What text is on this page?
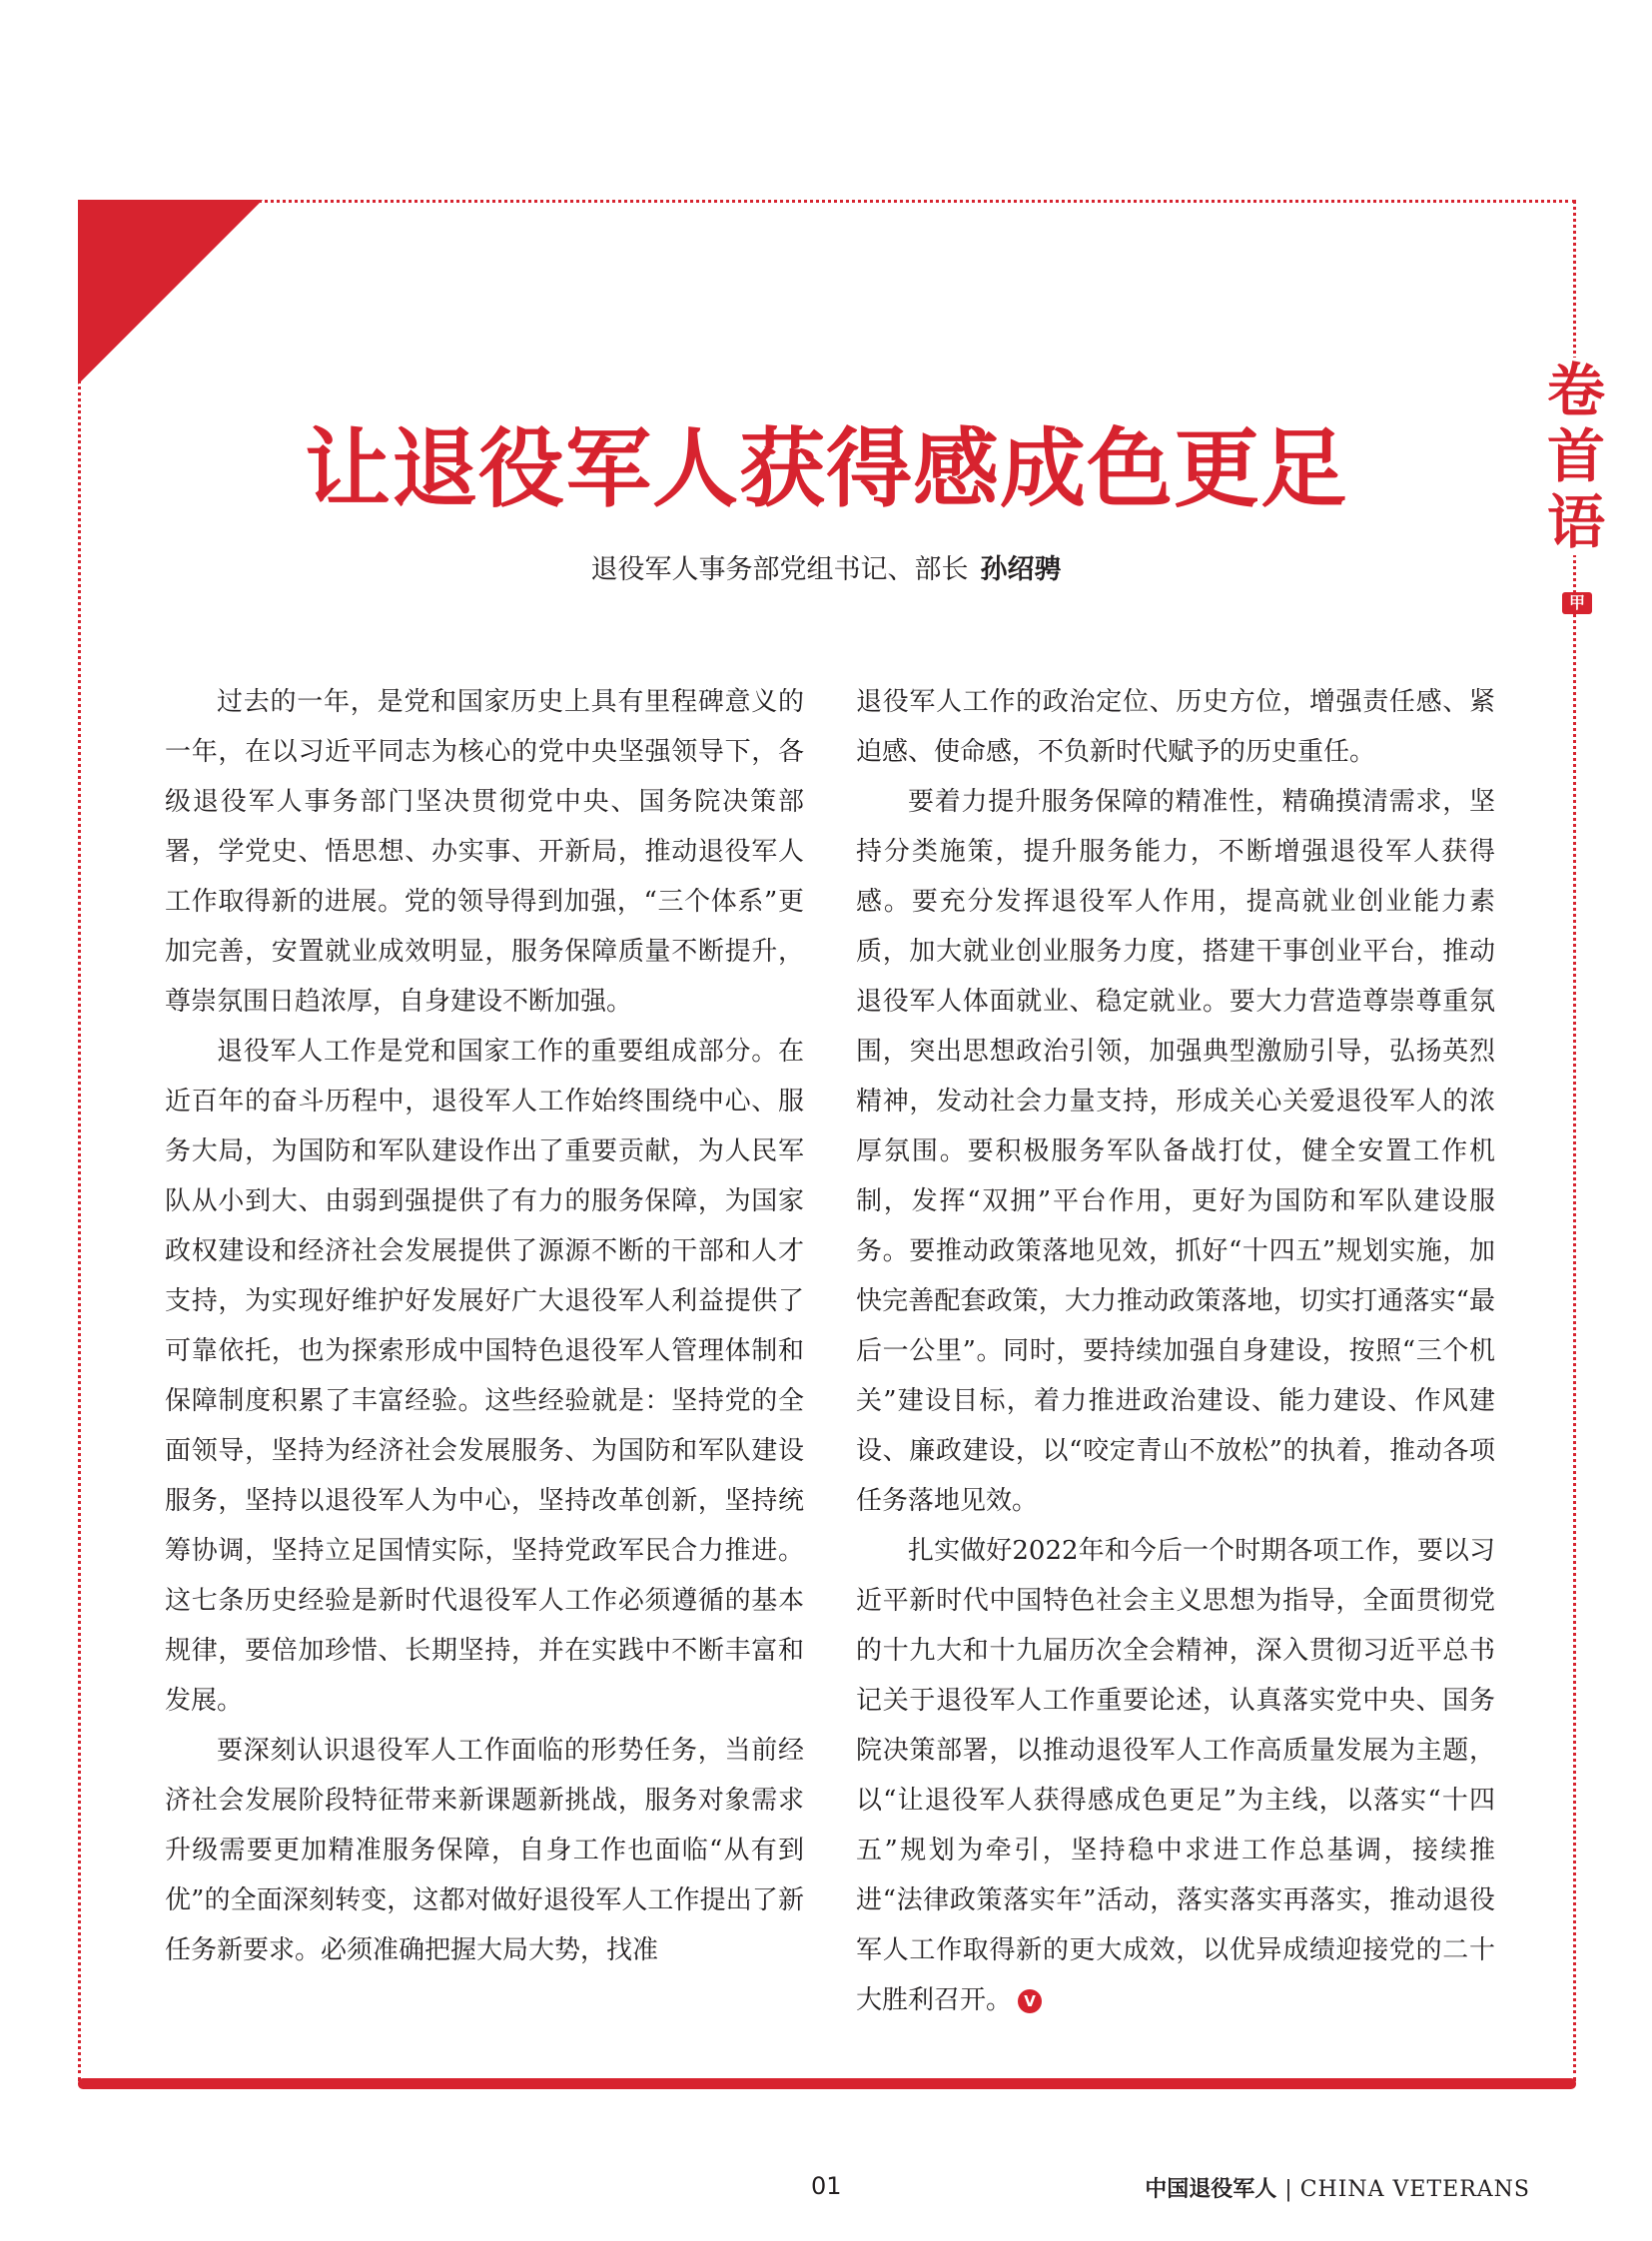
卷
首
语
甲
让退役军人获得感成色更足
退役军人事务部党组书记、部长 孙绍骋

过去的一年，是党和国家历史上具有里程碑意义的一年，在以习近平同志为核心的党中央坚强领导下，各级退役军人事务部门坚决贯彻党中央、国务院决策部署，学党史、悟思想、办实事、开新局，推动退役军人工作取得新的进展。党的领导得到加强，“三个体系”更加完善，安置就业成效明显，服务保障质量不断提升，尊崇氛围日趋浓厚，自身建设不断加强。

退役军人工作是党和国家工作的重要组成部分。在近百年的奋斗历程中，退役军人工作始终围绕中心、服务大局，为国防和军队建设作出了重要贡献，为人民军队从小到大、由弱到强提供了有力的服务保障，为国家政权建设和经济社会发展提供了源源不断的干部和人才支持，为实现好维护好发展好广大退役军人利益提供了可靠依托，也为探索形成中国特色退役军人管理体制和保障制度积累了丰富经验。这些经验就是：坚持党的全面领导，坚持为经济社会发展服务、为国防和军队建设服务，坚持以退役军人为中心，坚持改革创新，坚持统筹协调，坚持立足国情实际，坚持党政军民合力推进。这七条历史经验是新时代退役军人工作必须遵循的基本规律，要倍加珍惜、长期坚持，并在实践中不断丰富和发展。

要深刻认识退役军人工作面临的形势任务，当前经济社会发展阶段特征带来新课题新挑战，服务对象需求升级需要更加精准服务保障，自身工作也面临“从有到优”的全面深刻转变，这都对做好退役军人工作提出了新任务新要求。必须准确把握大局大势，找准

退役军人工作的政治定位、历史方位，增强责任感、紧迫感、使命感，不负新时代赋予的历史重任。

要着力提升服务保障的精准性，精确摸清需求，坚持分类施策，提升服务能力，不断增强退役军人获得感。要充分发挥退役军人作用，提高就业创业能力素质，加大就业创业服务力度，搭建干事创业平台，推动退役军人体面就业、稳定就业。要大力营造尊崇尊重氛围，突出思想政治引领，加强典型激励引导，弘扬英烈精神，发动社会力量支持，形成关心关爱退役军人的浓厚氛围。要积极服务军队备战打仗，健全安置工作机制，发挥“双拥”平台作用，更好为国防和军队建设服务。要推动政策落地见效，抓好“十四五”规划实施，加快完善配套政策，大力推动政策落地，切实打通落实“最后一公里”。同时，要持续加强自身建设，按照“三个机关”建设目标，着力推进政治建设、能力建设、作风建设、廉政建设，以“咬定青山不放松”的执着，推动各项任务落地见效。

扎实做好2022年和今后一个时期各项工作，要以习近平新时代中国特色社会主义思想为指导，全面贯彻党的十九大和十九届历次全会精神，深入贯彻习近平总书记关于退役军人工作重要论述，认真落实党中央、国务院决策部署，以推动退役军人工作高质量发展为主题，以“让退役军人获得感成色更足”为主线，以落实“十四五”规划为牵引，坚持稳中求进工作总基调，接续推进“法律政策落实年”活动，落实落实再落实，推动退役军人工作取得新的更大成效，以优异成绩迎接党的二十大胜利召开。 V

01	中国退役军人 | CHINA VETERANS
